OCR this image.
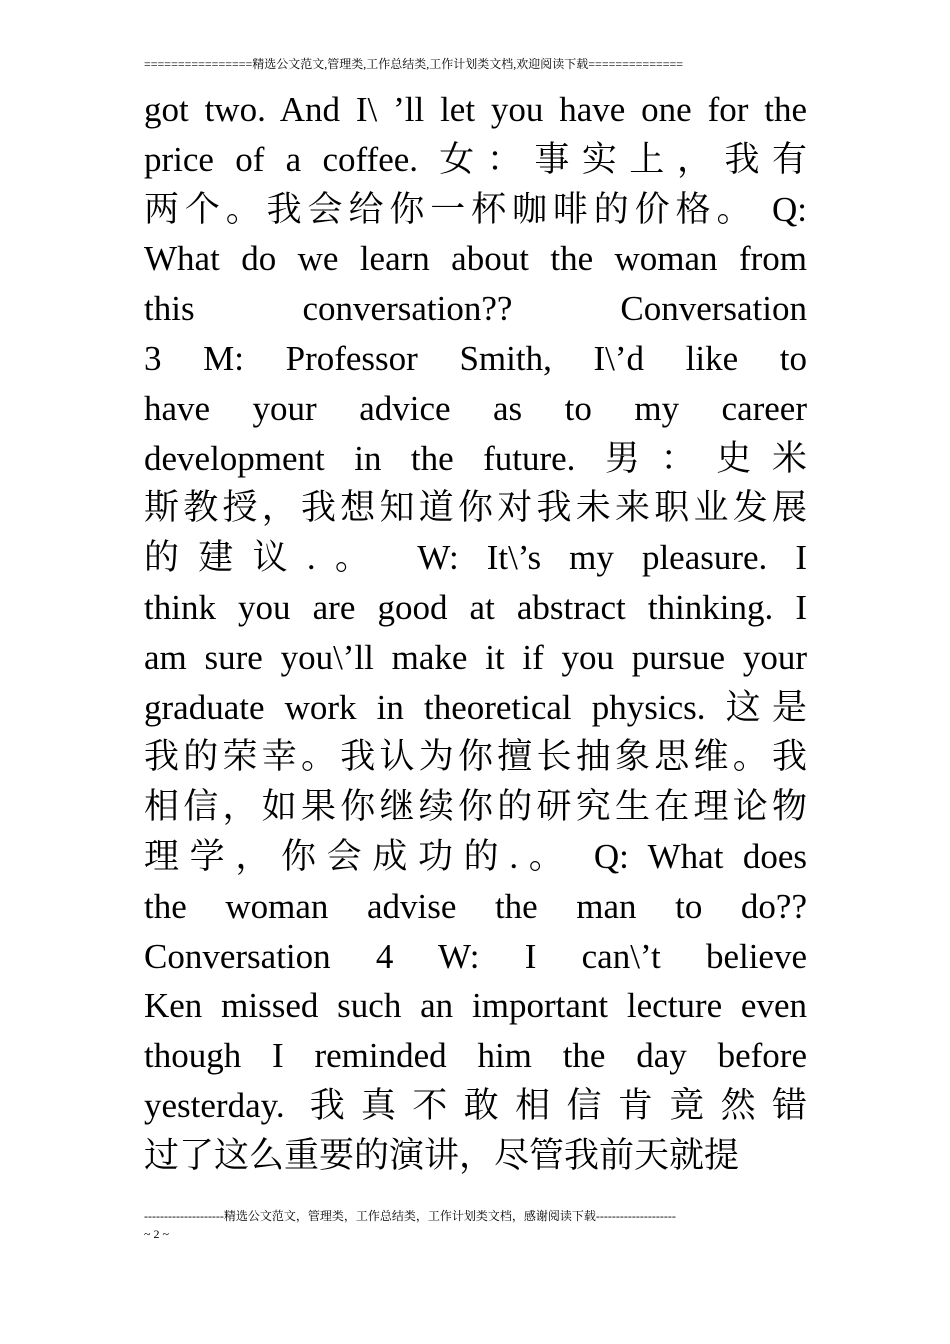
================精选公文范文,管理类,工作总结类,工作计划类文档,欢迎阅读下载==============
got two. And I\ ’ll let you have one for the
price of a coffee. 女：事实上，我有
两个。我会给你一杯咖啡的价格。 Q:
What do we learn about the woman from
this conversation?? Conversation
3 M: Professor Smith, I\’d like to
have your advice as to my career
development in the future. 男：史米
斯教授，我想知道你对我未来职业发展
的建议.。 W: It\’s my pleasure. I
think you are good at abstract thinking. I
am sure you\’ll make it if you pursue your
graduate work in theoretical physics. 这是
我的荣幸。我认为你擅长抽象思维。我
相信，如果你继续你的研究生在理论物
理学，你会成功的.。 Q: What does
the woman advise the man to do??
Conversation 4 W: I can\’t believe
Ken missed such an important lecture even
though I reminded him the day before
yesterday. 我真不敢相信肯竟然错
过了这么重要的演讲，尽管我前天就提
--------------------精选公文范文，管理类，工作总结类，工作计划类文档，感谢阅读下载--------------------
~ 2 ~
